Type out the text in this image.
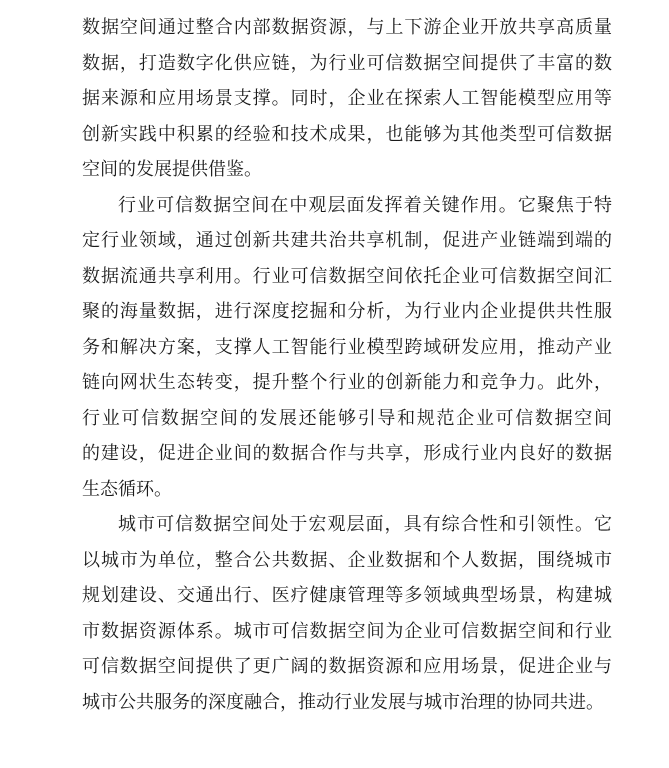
数据空间通过整合内部数据资源，与上下游企业开放共享高质量
数据，打造数字化供应链，为行业可信数据空间提供了丰富的数
据来源和应用场景支撑。同时，企业在探索人工智能模型应用等
创新实践中积累的经验和技术成果，也能够为其他类型可信数据
空间的发展提供借鉴。
行业可信数据空间在中观层面发挥着关键作用。它聚焦于特
定行业领域，通过创新共建共治共享机制，促进产业链端到端的
数据流通共享利用。行业可信数据空间依托企业可信数据空间汇
聚的海量数据，进行深度挖掘和分析，为行业内企业提供共性服
务和解决方案，支撑人工智能行业模型跨域研发应用，推动产业
链向网状生态转变，提升整个行业的创新能力和竞争力。此外，
行业可信数据空间的发展还能够引导和规范企业可信数据空间
的建设，促进企业间的数据合作与共享，形成行业内良好的数据
生态循环。
城市可信数据空间处于宏观层面，具有综合性和引领性。它
以城市为单位，整合公共数据、企业数据和个人数据，围绕城市
规划建设、交通出行、医疗健康管理等多领域典型场景，构建城
市数据资源体系。城市可信数据空间为企业可信数据空间和行业
可信数据空间提供了更广阔的数据资源和应用场景，促进企业与
城市公共服务的深度融合，推动行业发展与城市治理的协同共进。
